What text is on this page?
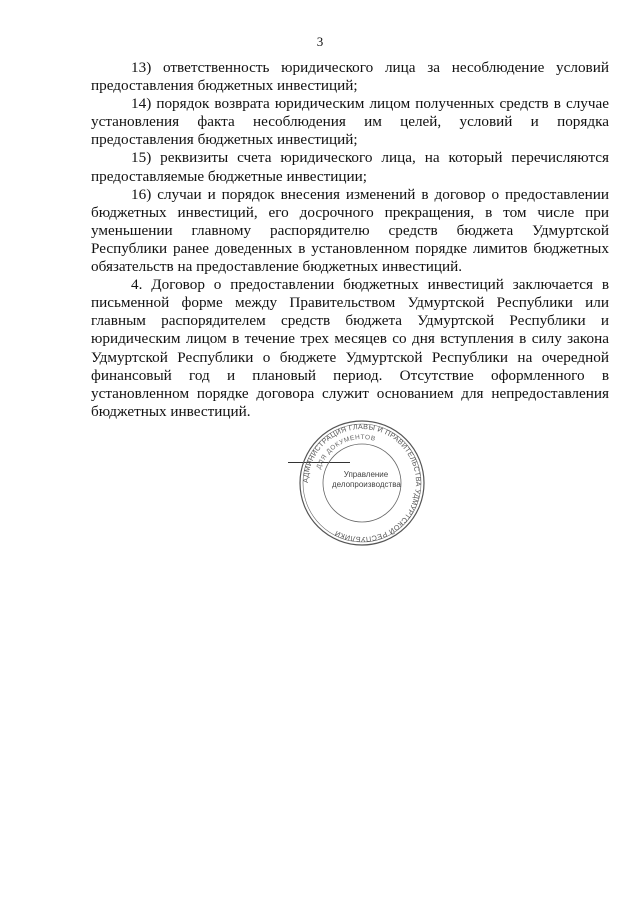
3

13) ответственность юридического лица за несоблюдение условий предоставления бюджетных инвестиций;

14) порядок возврата юридическим лицом полученных средств в случае установления факта несоблюдения им целей, условий и порядка предоставления бюджетных инвестиций;

15) реквизиты счета юридического лица, на который перечисляются предоставляемые бюджетные инвестиции;

16) случаи и порядок внесения изменений в договор о предоставлении бюджетных инвестиций, его досрочного прекращения, в том числе при уменьшении главному распорядителю средств бюджета Удмуртской Республики ранее доведенных в установленном порядке лимитов бюджетных обязательств на предоставление бюджетных инвестиций.

4. Договор о предоставлении бюджетных инвестиций заключается в письменной форме между Правительством Удмуртской Республики или главным распорядителем средств бюджета Удмуртской Республики и юридическим лицом в течение трех месяцев со дня вступления в силу закона Удмуртской Республики о бюджете Удмуртской Республики на очередной финансовый год и плановый период. Отсутствие оформленного в установленном порядке договора служит основанием для непредоставления бюджетных инвестиций.

АДМИНИСТРАЦИЯ ГЛАВЫ И ПРАВИТЕЛЬСТВА УДМУРТСКОЙ РЕСПУБЛИКИ
ДЛЯ ДОКУМЕНТОВ
Управление
делопроизводства
